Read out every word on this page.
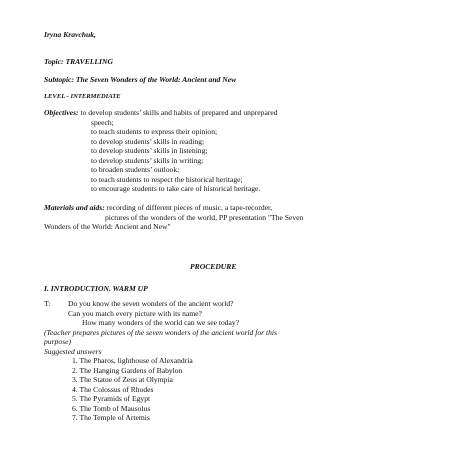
Iryna Kravchuk,
Topic: TRAVELLING
Subtopic: The Seven Wonders of the World: Ancient and New
LEVEL - INTERMEDIATE
Objectives: to develop students’ skills and habits of prepared and unprepared
speech;
to teach students to express their opinion;
to develop students’ skills in reading;
to develop students’ skills in listening;
to develop students’ skills in writing;
to broaden students’ outlook;
to teach students to respect the historical heritage;
to encourage students to take care of historical heritage.
Materials and aids: recording of different pieces of music, a tape-recorder,
pictures of the wonders of the world, PP presentation "The Seven
Wonders of the World: Ancient and New"
PROCEDURE
I. INTRODUCTION. WARM UP
T: Do you know the seven wonders of the ancient world?
Can you match every picture with its name?
How many wonders of the world can we see today?
(Teacher prepares pictures of the seven wonders of the ancient world for this
purpose)
Suggested answers
1. The Pharos, lighthouse of Alexandria
2. The Hanging Gardens of Babylon
3. The Statue of Zeus at Olympia
4. The Colossus of Rhodes
5. The Pyramids of Egypt
6. The Tomb of Mausolus
7. The Temple of Artemis
